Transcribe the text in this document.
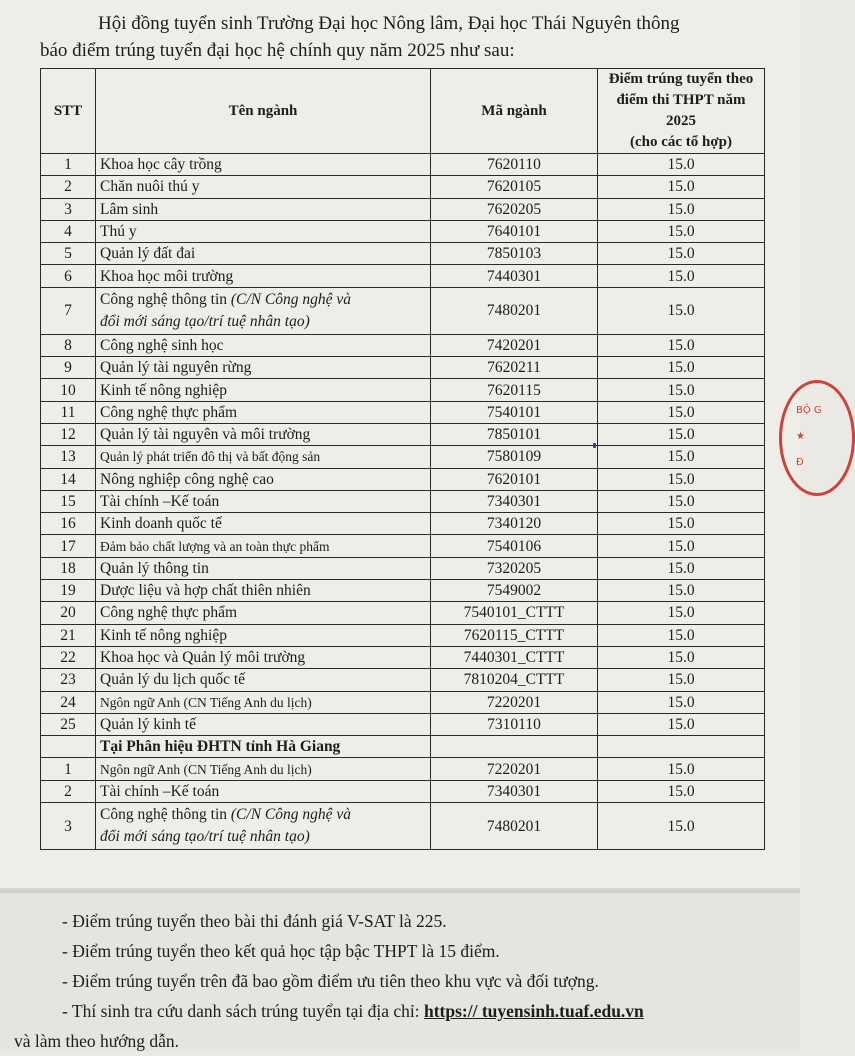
Hội đồng tuyển sinh Trường Đại học Nông lâm, Đại học Thái Nguyên thông
báo điểm trúng tuyển đại học hệ chính quy năm 2025 như sau:
STT	Tên ngành	Mã ngành	Điểm trúng tuyển theo
điểm thi THPT năm 2025
(cho các tổ hợp)

1	Khoa học cây trồng	7620110	15.0
2	Chăn nuôi thú y	7620105	15.0
3	Lâm sinh	7620205	15.0
4	Thú y	7640101	15.0
5	Quản lý đất đai	7850103	15.0
6	Khoa học môi trường	7440301	15.0
7	Công nghệ thông tin (C/N Công nghệ và
đổi mới sáng tạo/trí tuệ nhân tạo)	7480201	15.0
8	Công nghệ sinh học	7420201	15.0
9	Quản lý tài nguyên rừng	7620211	15.0
10	Kinh tế nông nghiệp	7620115	15.0
11	Công nghệ thực phẩm	7540101	15.0
12	Quản lý tài nguyên và môi trường	7850101	15.0
13	Quản lý phát triển đô thị và bất động sản	7580109	15.0
14	Nông nghiệp công nghệ cao	7620101	15.0
15	Tài chính –Kế toán	7340301	15.0
16	Kinh doanh quốc tế	7340120	15.0
17	Đảm bảo chất lượng và an toàn thực phẩm	7540106	15.0
18	Quản lý thông tin	7320205	15.0
19	Dược liệu và hợp chất thiên nhiên	7549002	15.0
20	Công nghệ thực phẩm	7540101_CTTT	15.0
21	Kinh tế nông nghiệp	7620115_CTTT	15.0
22	Khoa học và Quản lý môi trường	7440301_CTTT	15.0
23	Quản lý du lịch quốc tế	7810204_CTTT	15.0
24	Ngôn ngữ Anh (CN Tiếng Anh du lịch)	7220201	15.0
25	Quản lý kinh tế	7310110	15.0
	Tại Phân hiệu ĐHTN tỉnh Hà Giang		
1	Ngôn ngữ Anh (CN Tiếng Anh du lịch)	7220201	15.0
2	Tài chính –Kế toán	7340301	15.0
3	Công nghệ thông tin (C/N Công nghệ và
đổi mới sáng tạo/trí tuệ nhân tạo)	7480201	15.0
BỘ G
★
Đ
- Điểm trúng tuyển theo bài thi đánh giá V-SAT là 225.
- Điểm trúng tuyển theo kết quả học tập bậc THPT là 15 điểm.
- Điểm trúng tuyển trên đã bao gồm điểm ưu tiên theo khu vực và đối tượng.
- Thí sinh tra cứu danh sách trúng tuyển tại địa chỉ: https:// tuyensinh.tuaf.edu.vn
và làm theo hướng dẫn.
